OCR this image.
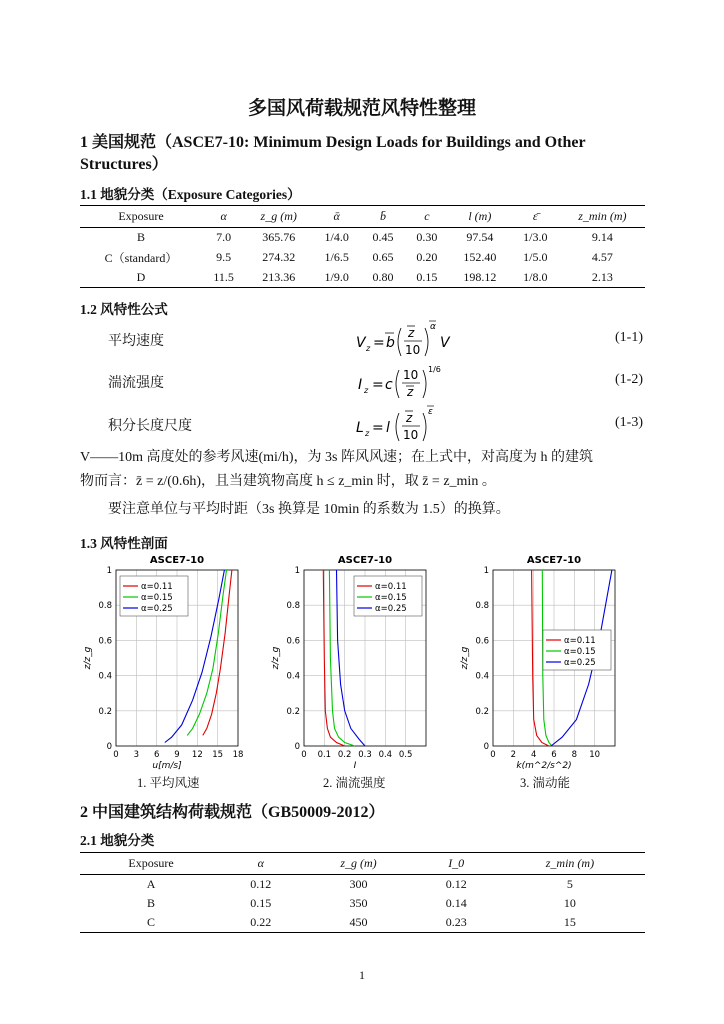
多国风荷载规范风特性整理
1 美国规范（ASCE7-10: Minimum Design Loads for Buildings and Other Structures）
1.1 地貌分类（Exposure Categories）
Exposure	α	z_g (m)	ᾱ	b̄	c	l (m)	ε̄	z_min (m)
B	7.0	365.76	1/4.0	0.45	0.30	97.54	1/3.0	9.14
C（standard）	9.5	274.32	1/6.5	0.65	0.20	152.40	1/5.0	4.57
D	11.5	213.36	1/9.0	0.80	0.15	198.12	1/8.0	2.13
1.2 风特性公式
平均速度	V z = b
z
10
α
V	(1-1)
湍流强度	I z = c
10
z
1/6
(1-2)
积分长度尺度	L z = l
z
10
ε
(1-3)
V——10m 高度处的参考风速(mi/h)，为 3s 阵风风速；在上式中，对高度为 h 的建筑
物而言：z̄ = z/(0.6h)，且当建筑物高度 h ≤ z_min 时，取 z̄ = z_min 。
要注意单位与平均时距（3s 换算是 10min 的系数为 1.5）的换算。
1.3 风特性剖面
ASCE7-10
0 3 6 9 12 15 18
0
0.2
0.4
0.6
0.8
1
u[m/s]
z/z_g
α=0.11
α=0.15
α=0.25
ASCE7-10
0 0.1 0.2 0.3 0.4 0.5
0
0.2
0.4
0.6
0.8
1
I
z/z_g
α=0.11
α=0.15
α=0.25
ASCE7-10
0 2 4 6 8 10
0
0.2
0.4
0.6
0.8
1
k(m^2/s^2)
z/z_g
α=0.11
α=0.15
α=0.25
1. 平均风速	2. 湍流强度	3. 湍动能
2 中国建筑结构荷载规范（GB50009-2012）
2.1 地貌分类
Exposure	α	z_g (m)	I_0	z_min (m)
A	0.12	300	0.12	5
B	0.15	350	0.14	10
C	0.22	450	0.23	15
1
